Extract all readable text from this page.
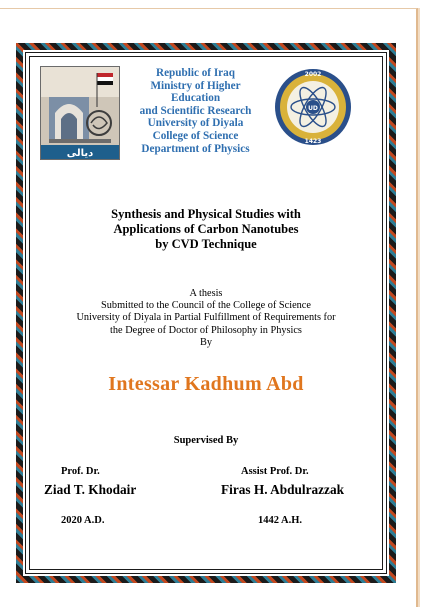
ديالى
Republic of Iraq
Ministry of Higher
Education
and Scientific Research
University of Diyala
College of Science
Department of Physics
UD
2002
1423
Synthesis and Physical Studies with
Applications of Carbon Nanotubes
by CVD Technique
A thesis
Submitted to the Council of the College of Science
University of Diyala in Partial Fulfillment of Requirements for
the Degree of Doctor of Philosophy in Physics
By
Intessar Kadhum Abd
Supervised By
Prof. Dr.
Ziad T. Khodair
Assist Prof. Dr.
Firas H. Abdulrazzak
2020 A.D.	1442 A.H.
